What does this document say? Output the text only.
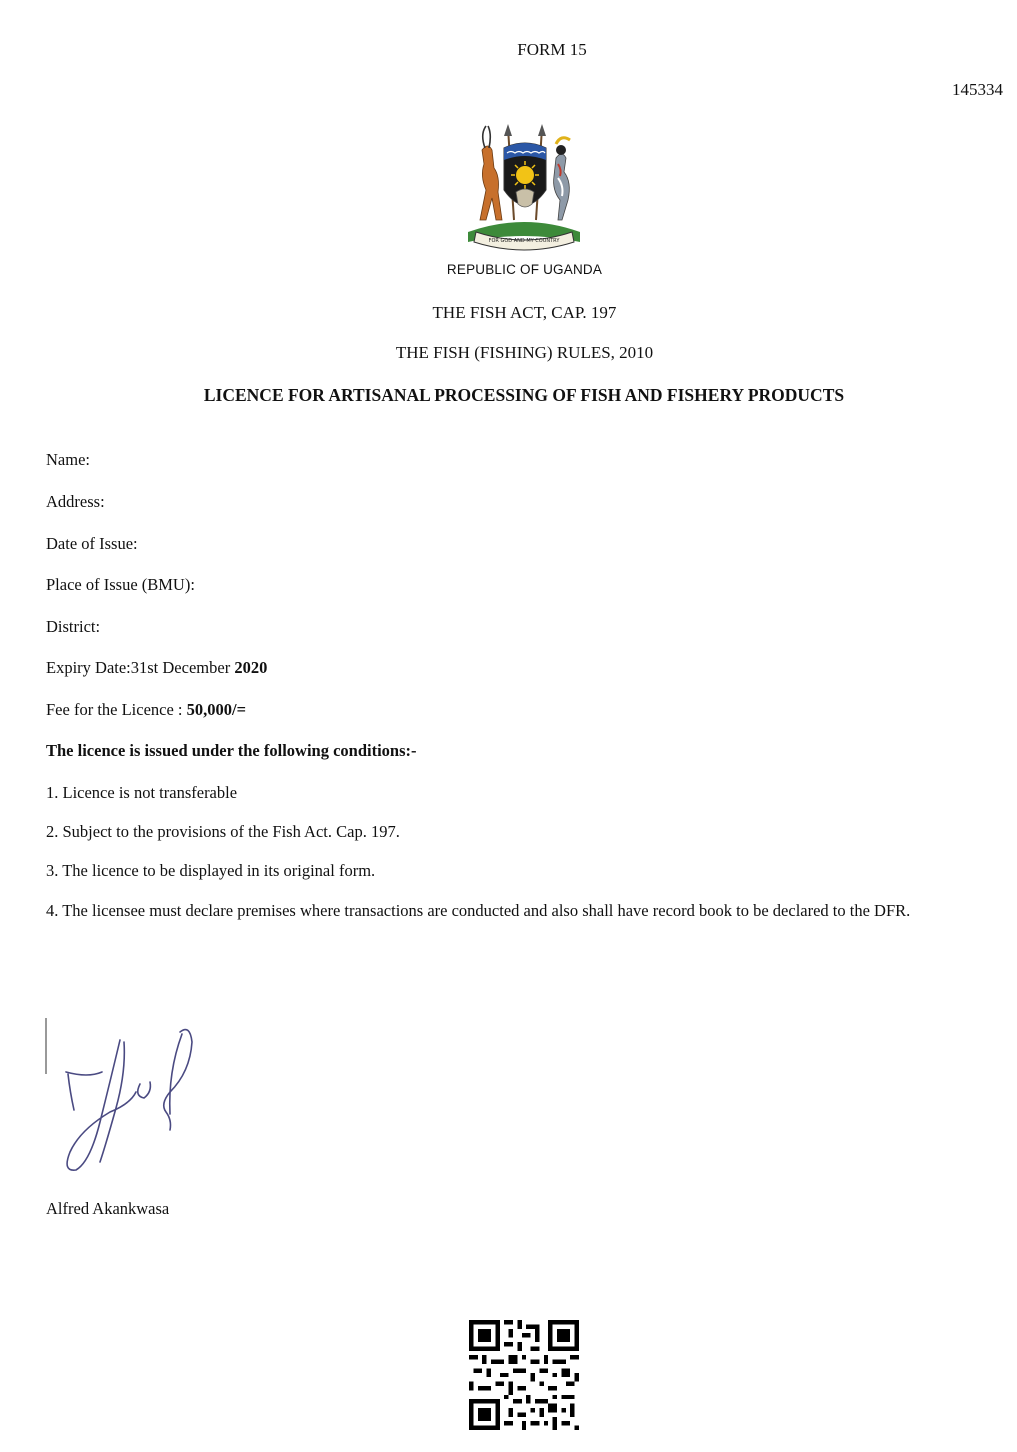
FORM 15
145334
FOR GOD AND MY COUNTRY
REPUBLIC OF UGANDA
THE FISH ACT, CAP. 197
THE FISH (FISHING) RULES, 2010
LICENCE FOR ARTISANAL PROCESSING OF FISH AND FISHERY PRODUCTS
Name:
Address:
Date of Issue:
Place of Issue (BMU):
District:
Expiry Date:31st December 2020
Fee for the Licence : 50,000/=
The licence is issued under the following conditions:-
1. Licence is not transferable
2. Subject to the provisions of the Fish Act. Cap. 197.
3. The licence to be displayed in its original form.
4. The licensee must declare premises where transactions are conducted and also shall have record book to be declared to the DFR.
Alfred Akankwasa
